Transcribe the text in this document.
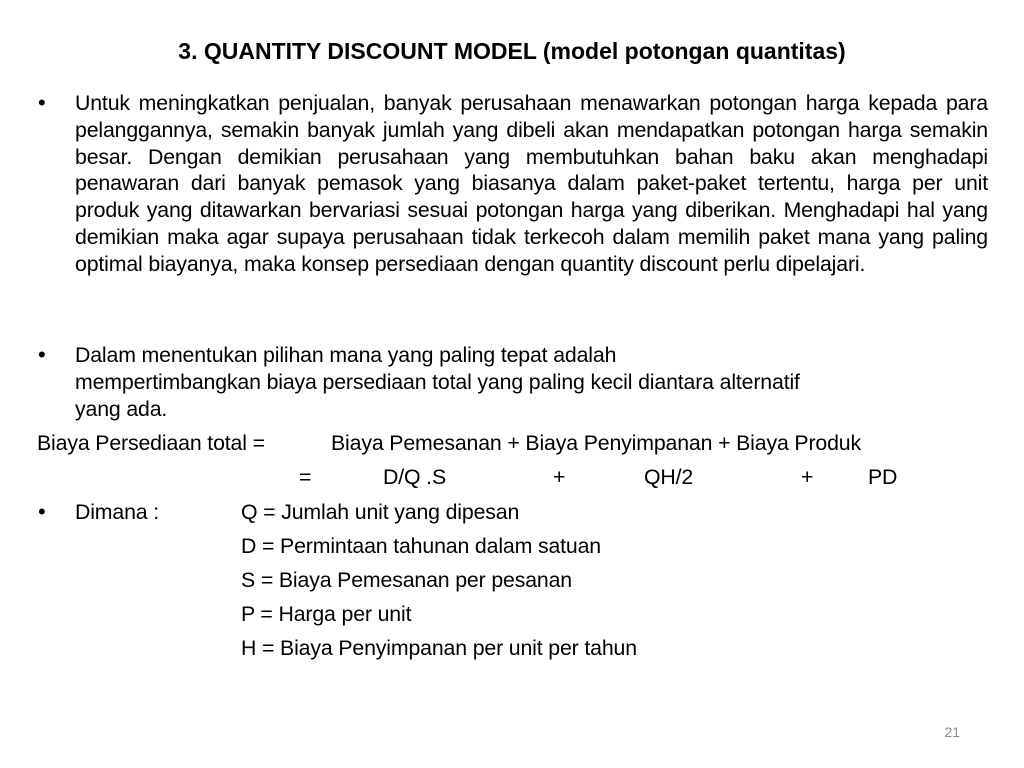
3. QUANTITY DISCOUNT MODEL (model potongan quantitas)
• Untuk meningkatkan penjualan, banyak perusahaan menawarkan potongan harga kepada para pelanggannya, semakin banyak jumlah yang dibeli akan mendapatkan potongan harga semakin besar. Dengan demikian perusahaan yang membutuhkan bahan baku akan menghadapi penawaran dari banyak pemasok yang biasanya dalam paket-paket tertentu, harga per unit produk yang ditawarkan bervariasi sesuai potongan harga yang diberikan. Menghadapi hal yang demikian maka agar supaya perusahaan tidak terkecoh dalam memilih paket mana yang paling optimal biayanya, maka konsep persediaan dengan quantity discount perlu dipelajari.
• Dalam menentukan pilihan mana yang paling tepat adalah
mempertimbangkan biaya persediaan total yang paling kecil diantara alternatif
yang ada.
Biaya Persediaan total =	Biaya Pemesanan + Biaya Penyimpanan + Biaya Produk
=	D/Q .S	+	QH/2	+	PD
• Dimana :	Q = Jumlah unit yang dipesan
D = Permintaan tahunan dalam satuan
S = Biaya Pemesanan per pesanan
P = Harga per unit
H = Biaya Penyimpanan per unit per tahun
21
